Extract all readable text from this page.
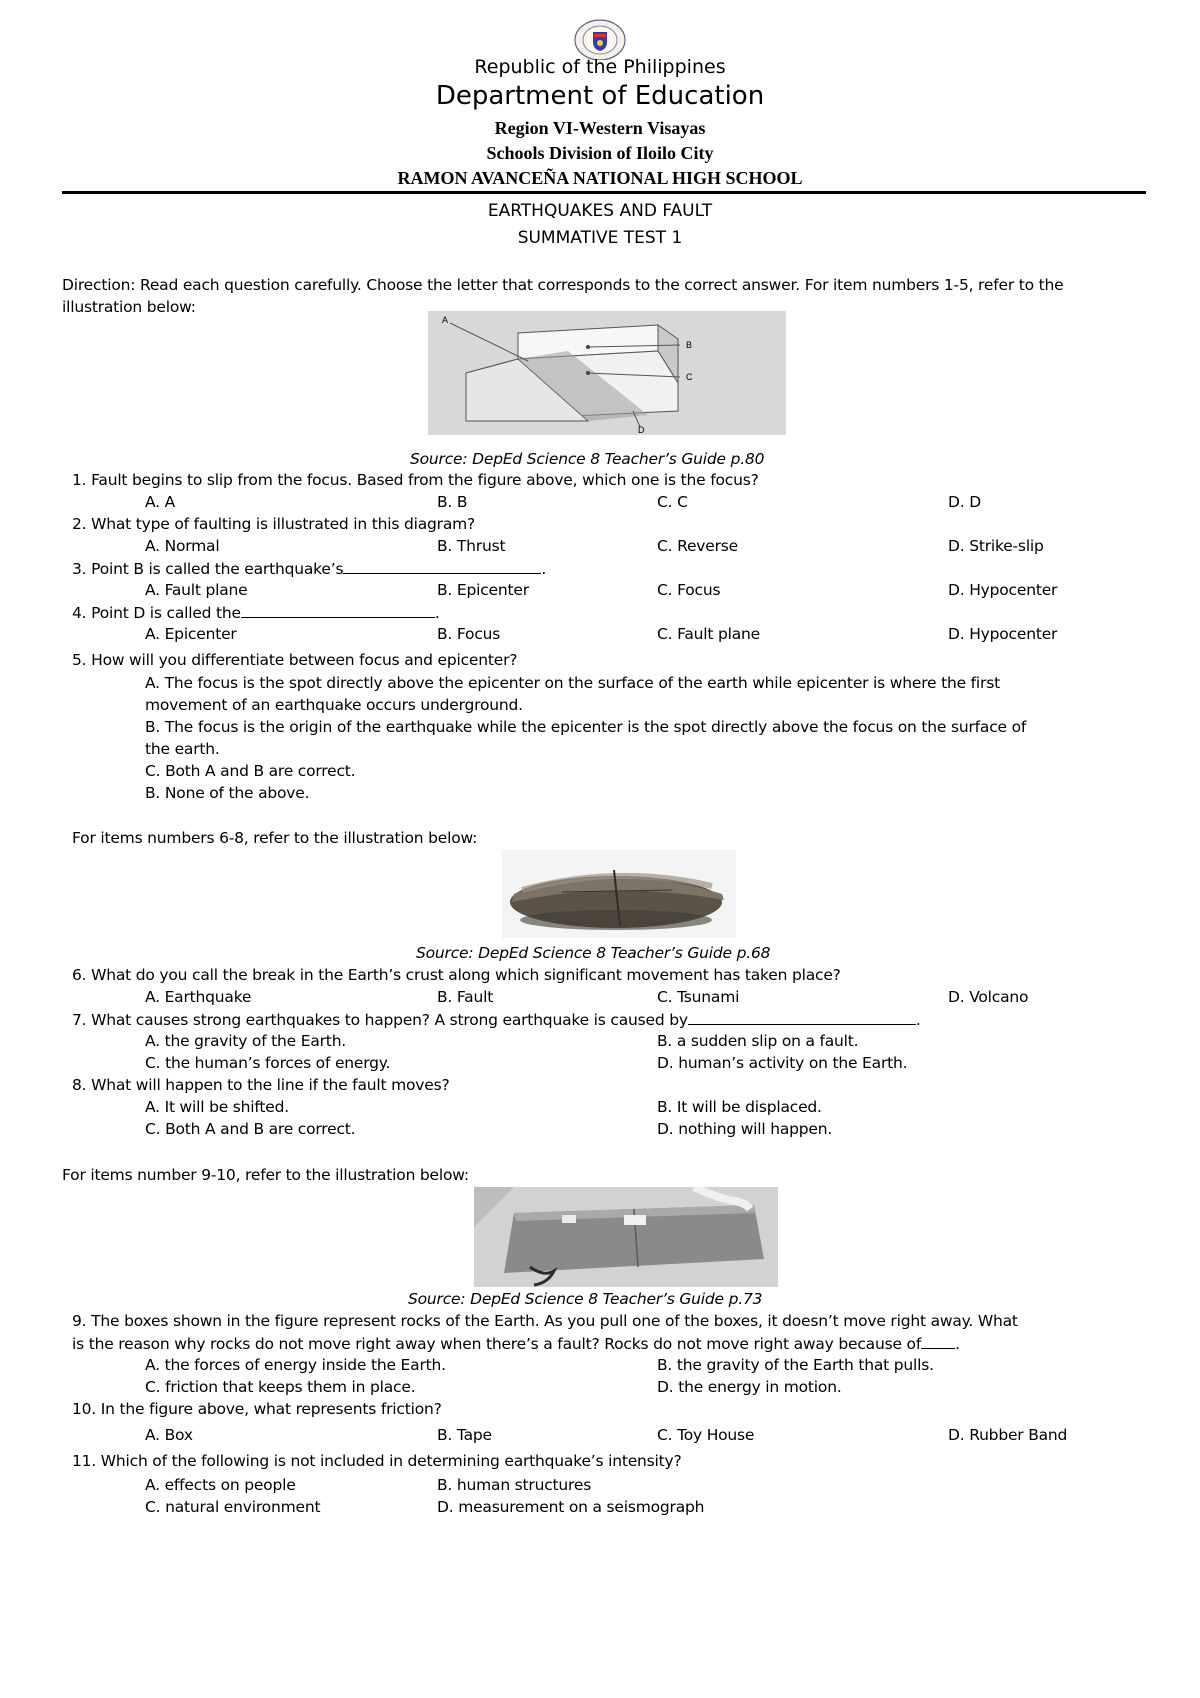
Republic of the Philippines
Department of Education
Region VI-Western Visayas
Schools Division of Iloilo City
RAMON AVANCEÑA NATIONAL HIGH SCHOOL
EARTHQUAKES AND FAULT
SUMMATIVE TEST 1
Direction: Read each question carefully. Choose the letter that corresponds to the correct answer. For item numbers 1-5, refer to the
illustration below:
A
B
C
D
Source: DepEd Science 8 Teacher’s Guide p.80
1. Fault begins to slip from the focus. Based from the figure above, which one is the focus?
A. A	B. B	C. C	D. D
2. What type of faulting is illustrated in this diagram?
A. Normal	B. Thrust	C. Reverse	D. Strike-slip
3. Point B is called the earthquake’s	.
A. Fault plane	B. Epicenter	C. Focus	D. Hypocenter
4. Point D is called the	.
A. Epicenter	B. Focus	C. Fault plane	D. Hypocenter
5. How will you differentiate between focus and epicenter?
A. The focus is the spot directly above the epicenter on the surface of the earth while epicenter is where the first
movement of an earthquake occurs underground.
B. The focus is the origin of the earthquake while the epicenter is the spot directly above the focus on the surface of
the earth.
C. Both A and B are correct.
B. None of the above.
For items numbers 6-8, refer to the illustration below:
Source: DepEd Science 8 Teacher’s Guide p.68
6. What do you call the break in the Earth’s crust along which significant movement has taken place?
A. Earthquake	B. Fault	C. Tsunami	D. Volcano
7. What causes strong earthquakes to happen? A strong earthquake is caused by	.
A. the gravity of the Earth.	B. a sudden slip on a fault.
C. the human’s forces of energy.	D. human’s activity on the Earth.
8. What will happen to the line if the fault moves?
A. It will be shifted.	B. It will be displaced.
C. Both A and B are correct.	D. nothing will happen.
For items number 9-10, refer to the illustration below:
Source: DepEd Science 8 Teacher’s Guide p.73
9. The boxes shown in the figure represent rocks of the Earth. As you pull one of the boxes, it doesn’t move right away. What
is the reason why rocks do not move right away when there’s a fault? Rocks do not move right away because of .
A. the forces of energy inside the Earth.	B. the gravity of the Earth that pulls.
C. friction that keeps them in place.	D. the energy in motion.
10. In the figure above, what represents friction?
A. Box	B. Tape	C. Toy House	D. Rubber Band
11. Which of the following is not included in determining earthquake’s intensity?
A. effects on people	B. human structures
C. natural environment	D. measurement on a seismograph
